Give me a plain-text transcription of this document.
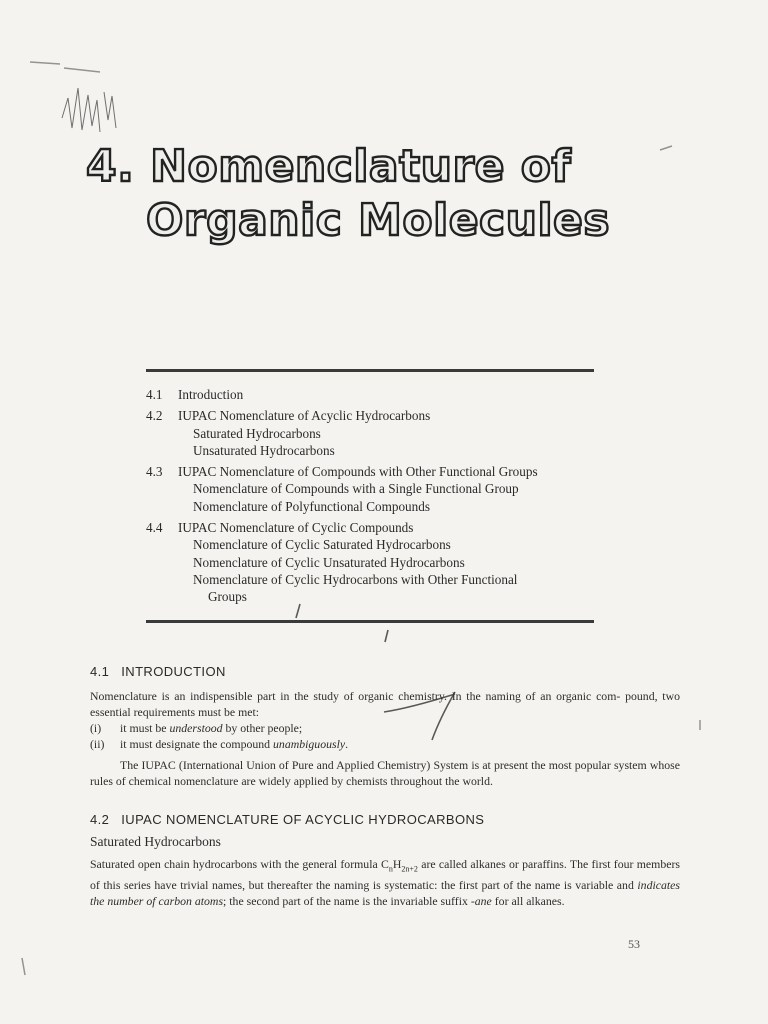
4. Nomenclature of
Organic Molecules
4.1 Introduction
4.2 IUPAC Nomenclature of Acyclic Hydrocarbons
Saturated Hydrocarbons
Unsaturated Hydrocarbons
4.3 IUPAC Nomenclature of Compounds with Other Functional Groups
Nomenclature of Compounds with a Single Functional Group
Nomenclature of Polyfunctional Compounds
4.4 IUPAC Nomenclature of Cyclic Compounds
Nomenclature of Cyclic Saturated Hydrocarbons
Nomenclature of Cyclic Unsaturated Hydrocarbons
Nomenclature of Cyclic Hydrocarbons with Other Functional
Groups
4.1 INTRODUCTION

Nomenclature is an indispensible part in the study of organic chemistry. In the naming of an organic com- pound, two essential requirements must be met:

(i)	it must be understood by other people;
(ii)	it must designate the compound unambiguously.

The IUPAC (International Union of Pure and Applied Chemistry) System is at present the most popular system whose rules of chemical nomenclature are widely applied by chemists throughout the world.

4.2 IUPAC NOMENCLATURE OF ACYCLIC HYDROCARBONS
Saturated Hydrocarbons

Saturated open chain hydrocarbons with the general formula $C_nH_{2n+2}$ are called alkanes or paraffins. The first four members of this series have trivial names, but thereafter the naming is systematic: the first part of the name is variable and indicates the number of carbon atoms; the second part of the name is the invariable suffix -ane for all alkanes.

53
